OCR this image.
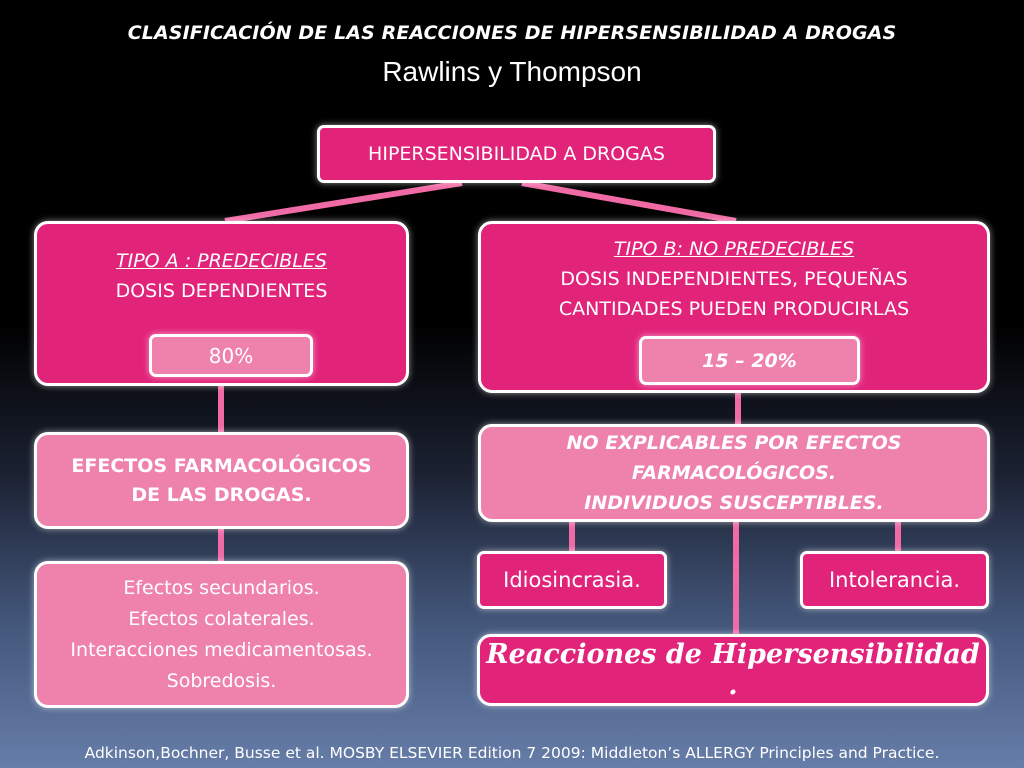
CLASIFICACIÓN DE LAS REACCIONES DE HIPERSENSIBILIDAD A DROGAS
Rawlins y Thompson
HIPERSENSIBILIDAD A DROGAS
TIPO A : PREDECIBLES
DOSIS DEPENDIENTES
80%
TIPO B: NO PREDECIBLES
DOSIS INDEPENDIENTES, PEQUEÑAS
CANTIDADES PUEDEN PRODUCIRLAS
15 – 20%
EFECTOS FARMACOLÓGICOS
DE LAS DROGAS.
NO EXPLICABLES POR EFECTOS
FARMACOLÓGICOS.
INDIVIDUOS SUSCEPTIBLES.
Efectos secundarios.
Efectos colaterales.
Interacciones medicamentosas.
Sobredosis.
Idiosincrasia.	Intolerancia.
Reacciones de Hipersensibilidad .
Adkinson,Bochner, Busse et al. MOSBY ELSEVIER Edition 7 2009: Middleton’s ALLERGY Principles and Practice.
